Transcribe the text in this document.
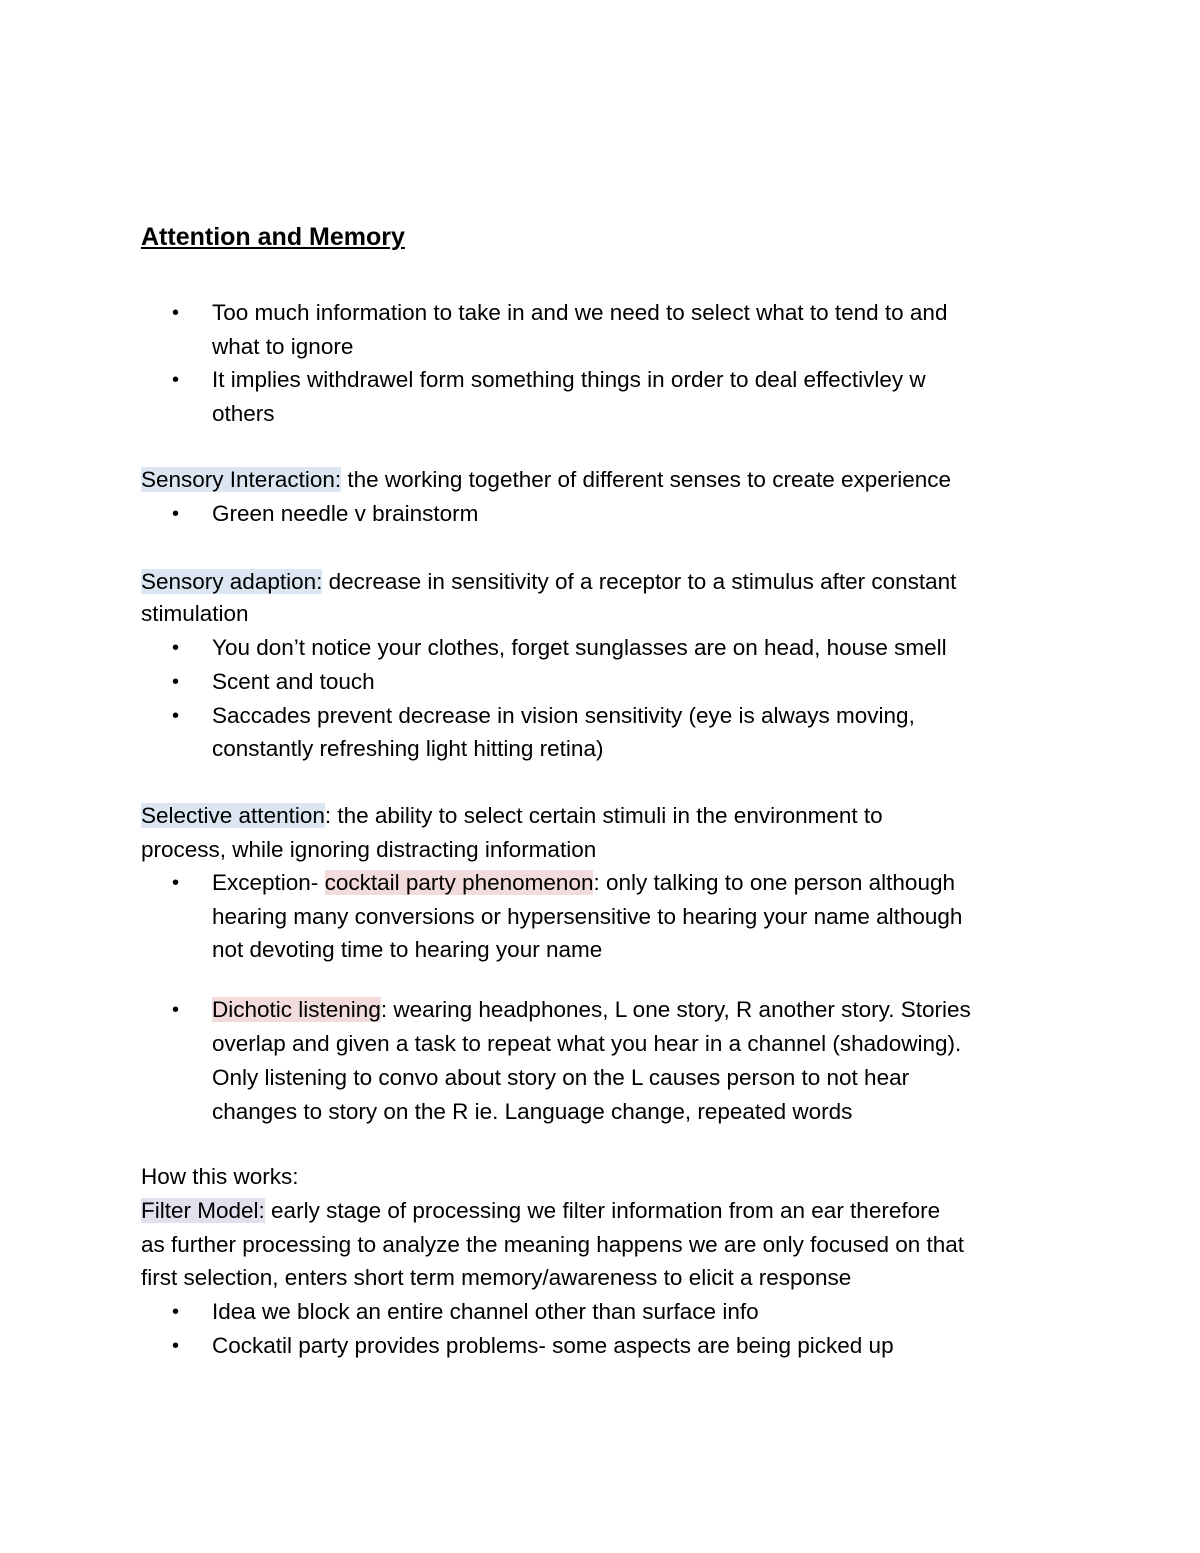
Attention and Memory
• Too much information to take in and we need to select what to tend to and
what to ignore
• It implies withdrawel form something things in order to deal effectivley w
others
Sensory Interaction: the working together of different senses to create experience
• Green needle v brainstorm
Sensory adaption: decrease in sensitivity of a receptor to a stimulus after constant
stimulation
• You don’t notice your clothes, forget sunglasses are on head, house smell
• Scent and touch
• Saccades prevent decrease in vision sensitivity (eye is always moving,
constantly refreshing light hitting retina)
Selective attention: the ability to select certain stimuli in the environment to
process, while ignoring distracting information
• Exception- cocktail party phenomenon: only talking to one person although
hearing many conversions or hypersensitive to hearing your name although
not devoting time to hearing your name
• Dichotic listening: wearing headphones, L one story, R another story. Stories
overlap and given a task to repeat what you hear in a channel (shadowing).
Only listening to convo about story on the L causes person to not hear
changes to story on the R ie. Language change, repeated words
How this works:
Filter Model: early stage of processing we filter information from an ear therefore
as further processing to analyze the meaning happens we are only focused on that
first selection, enters short term memory/awareness to elicit a response
• Idea we block an entire channel other than surface info
• Cockatil party provides problems- some aspects are being picked up
